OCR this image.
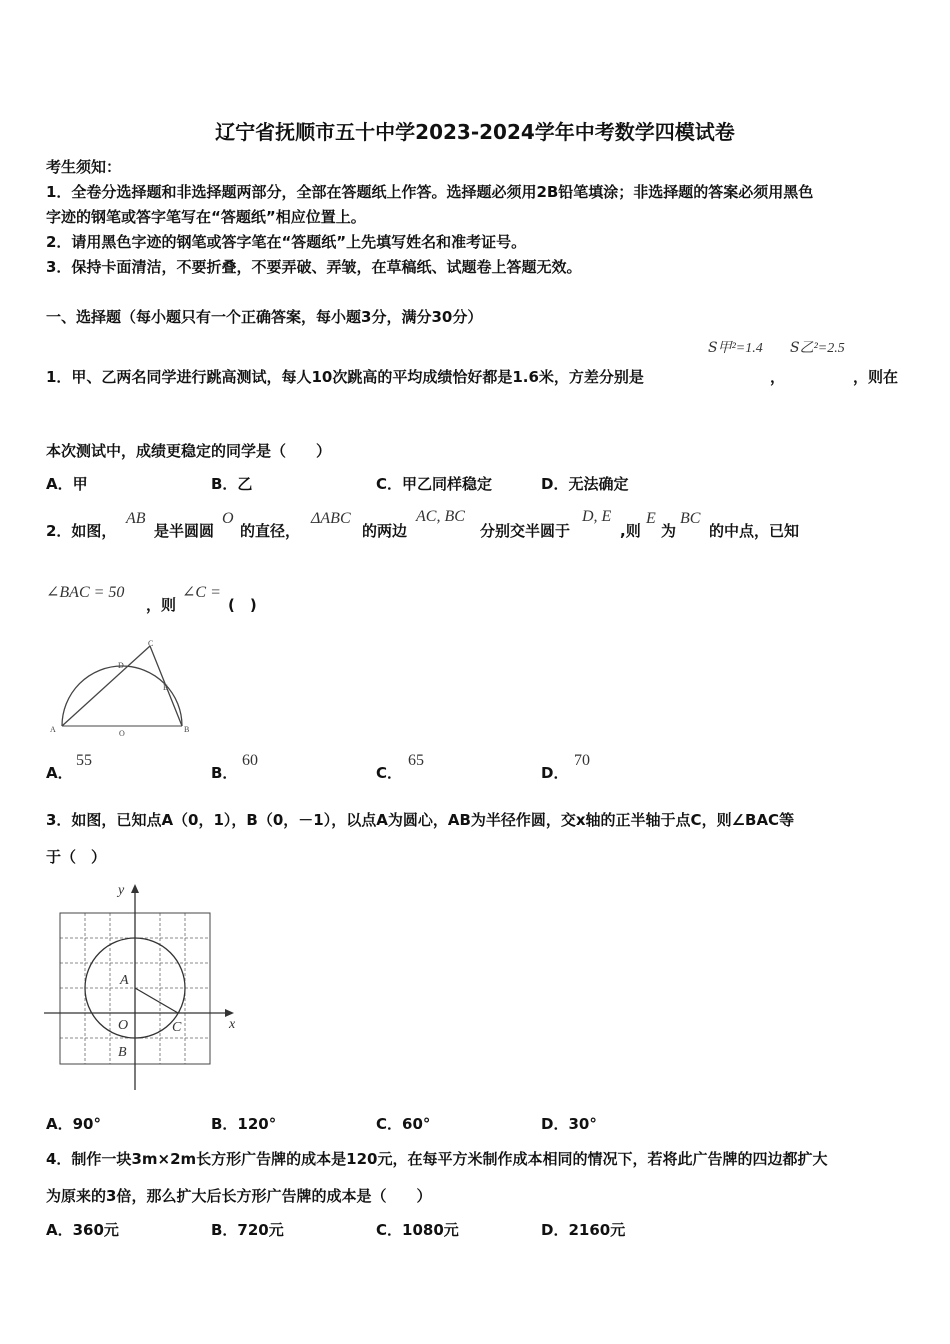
辽宁省抚顺市五十中学2023-2024学年中考数学四模试卷
考生须知：
1．全卷分选择题和非选择题两部分，全部在答题纸上作答。选择题必须用2B铅笔填涂；非选择题的答案必须用黑色
字迹的钢笔或答字笔写在“答题纸”相应位置上。
2．请用黑色字迹的钢笔或答字笔在“答题纸”上先填写姓名和准考证号。
3．保持卡面清洁，不要折叠，不要弄破、弄皱，在草稿纸、试题卷上答题无效。
一、选择题（每小题只有一个正确答案，每小题3分，满分30分）
𝑆甲²=1.4 𝑆乙²=2.5
1．甲、乙两名同学进行跳高测试，每人10次跳高的平均成绩恰好都是1.6米，方差分别是	，	，则在
本次测试中，成绩更稳定的同学是（　　）
A．甲	B．乙	C．甲乙同样稳定	D．无法确定
2．如图，
AB
是半圆圆
O
的直径，
ΔABC
的两边
AC, BC
分别交半圆于
D, E
,则
E
为
BC
的中点，已知
∠BAC = 50
，则
∠C =
(　)
A	B
C
D
E
O
A．
55
B．
60
C．
65
D．
70
3．如图，已知点A（0，1），B（0，－1），以点A为圆心，AB为半径作圆，交x轴的正半轴于点C，则∠BAC等
于（　）
x
y
A
O
B
C
A．90°	B．120°	C．60°	D．30°
4．制作一块3m×2m长方形广告牌的成本是120元，在每平方米制作成本相同的情况下，若将此广告牌的四边都扩大
为原来的3倍，那么扩大后长方形广告牌的成本是（　　）
A．360元	B．720元	C．1080元	D．2160元
